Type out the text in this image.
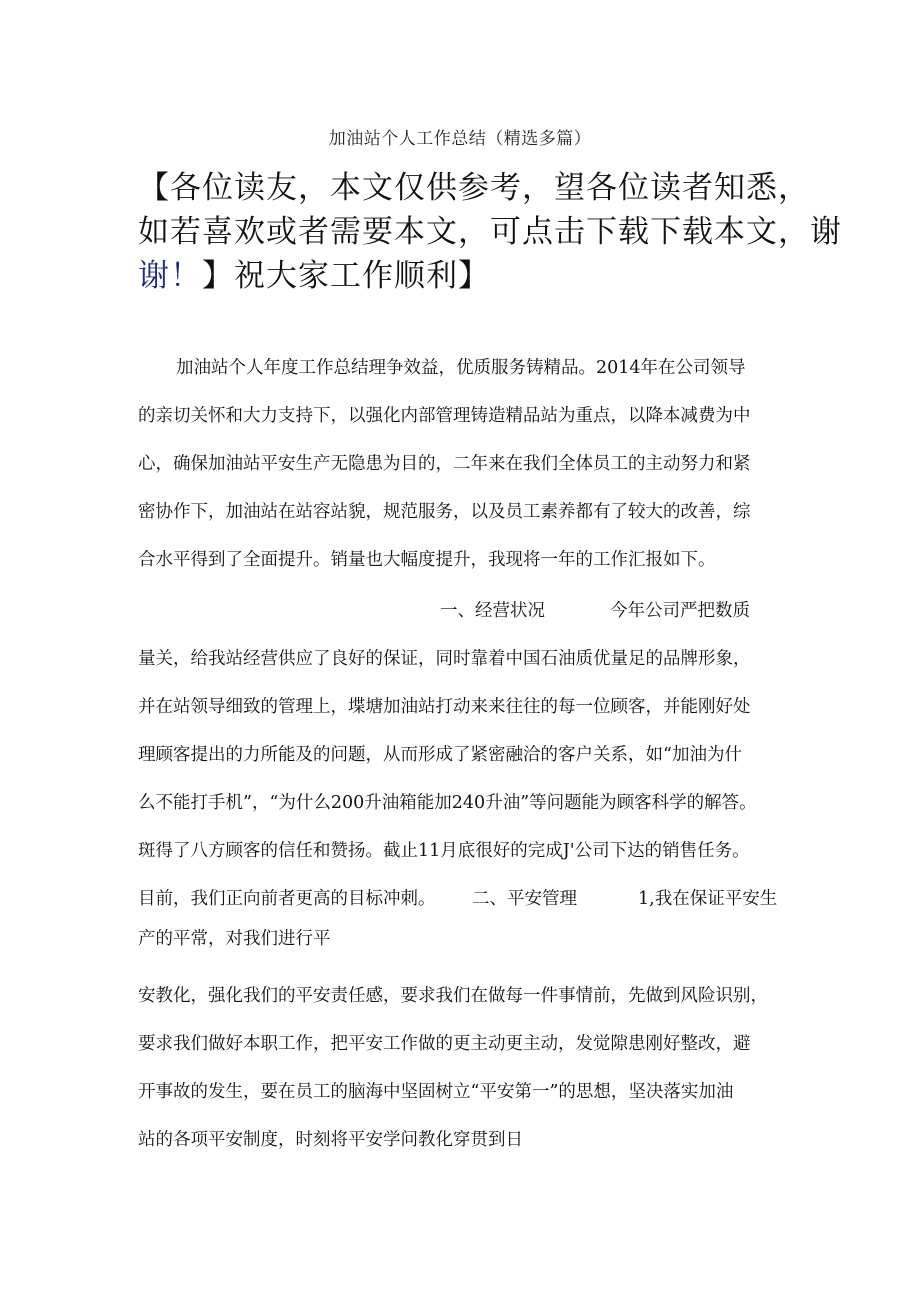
加油站个人工作总结（精选多篇）
【各位读友，本文仅供参考，望各位读者知悉，
如若喜欢或者需要本文，可点击下载下载本文，谢
谢！】祝大家工作顺利】
加油站个人年度工作总结理争效益，优质服务铸精品。2014年在公司领导
的亲切关怀和大力支持下，以强化内部管理铸造精品站为重点，以降本减费为中
心，确保加油站平安生产无隐患为目的，二年来在我们全体员工的主动努力和紧
密协作下，加油站在站容站貌，规范服务，以及员工素养都有了较大的改善，综
合水平得到了全面提升。销量也大幅度提升，我现将一年的工作汇报如下。
一、经营状况	今年公司严把数质
量关，给我站经营供应了良好的保证，同时靠着中国石油质优量足的品牌形象，
并在站领导细致的管理上，堞塘加油站打动来来往往的每一位顾客，并能刚好处
理顾客提出的力所能及的问题，从而形成了紧密融洽的客户关系，如“加油为什
么不能打手机”，“为什么200升油箱能加240升油”等问题能为顾客科学的解答。
斑得了八方顾客的信任和赞扬。截止11月底很好的完成J'公司下达的销售任务。
目前，我们正向前者更高的目标冲刺。 二、平安管理	1,我在保证平安生
产的平常，对我们进行平
安教化，强化我们的平安责任感，要求我们在做每一件事情前，先做到风险识别，
要求我们做好本职工作，把平安工作做的更主动更主动，发觉隙患刚好整改，避
开事故的发生，要在员工的脑海中坚固树立“平安第一”的思想，坚决落实加油
站的各项平安制度，时刻将平安学问教化穿贯到日
